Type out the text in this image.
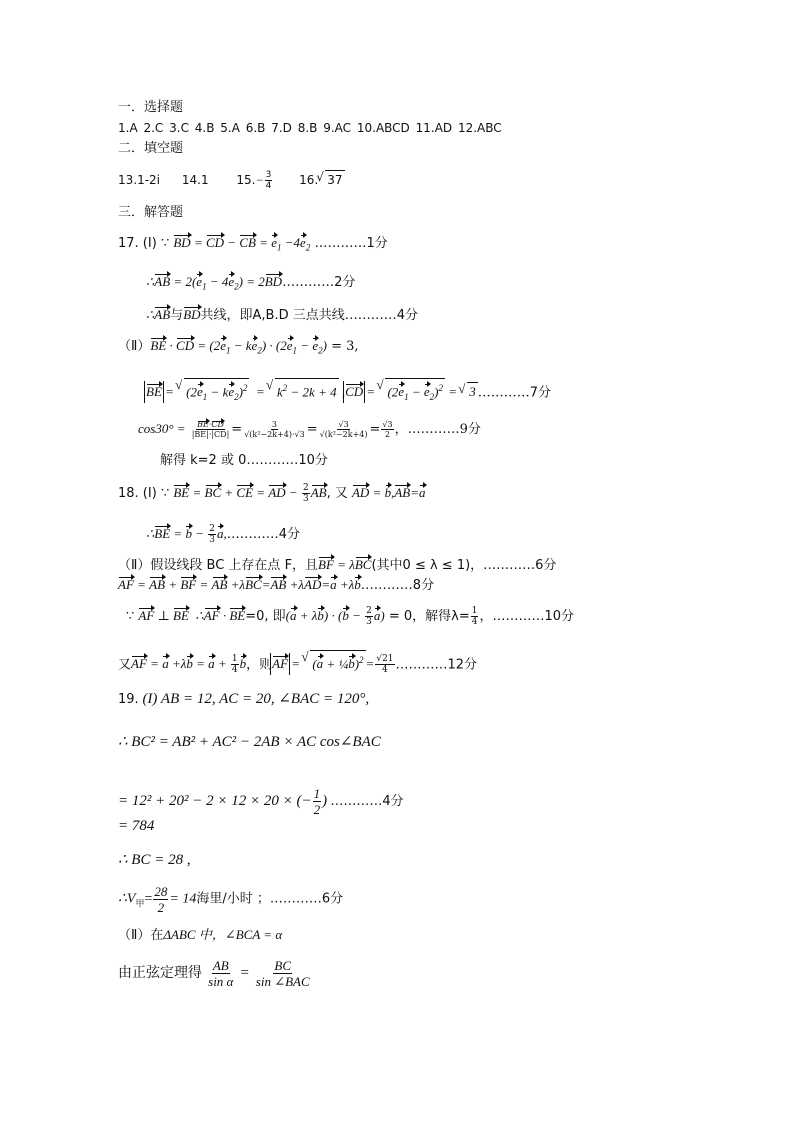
一．选择题
1.A 2.C 3.C 4.B 5.A 6.B 7.D 8.B 9.AC 10.ABCD 11.AD 12.ABC
二．填空题
13.1-2i 14.1 $15.- \frac{3}{4} 16.√$ 37
三．解答题
17. (I) ∵ BD = CD − CB = $e_1 -4e_2$ …………1分
∴AB = $2(e_1 - 4e_2)$ = 2BD…………2分
∴AB与BD共线，即A,B.D 三点共线…………4分
（Ⅱ）BE · CD = $(2e_1 - ke_2) \cdot (2e_1 - e_2) = 3$,
BE = √ $(2e_1 - ke_2)^2$  = √ $k^2 - 2k + 4$ ,CD = √ $(2e_1 - e_2)^2$ = √ 3 …………7分
$\cos 30^\circ = \frac{BE\cdot CD}{|BE|\cdot|CD|} = \frac{3}{\text{√(k²−2k+4)·√3}} = \frac{√3}{\text{√(k²−2k+4)}} = \frac{√3}{2}$ ，…………9分
解得 k=2 或 0…………10分
18. (I) ∵ BE = BC + CE = AD − $\frac{2}{3}$ AB, 又 AD = b,AB=a
∴BE = $b - \frac{2}{3}$ a,…………4分
（Ⅱ）假设线段 BC 上存在点 F，且BF = λBC(其中0 ≤ λ ≤ 1)，…………6分
AF = AB + BF = AB +λBC=AB +λAD=a +λb…………8分
∵ AF ⊥ BE  ∴AF · BE=0, 即$(a + \lambda b) \cdot (b - \frac{2}{3} a) = 0$，解得$\lambda= \frac{1}{4}$ ，…………10分
又AF = $a +\lambda b = a + \frac{1}{4}$ b，则AF = √ (a + ¼b)$^2$ = $\frac{√21}{4}$ …………12分
19. (I) AB = 12, AC = 20, ∠BAC = 120°,
∴ BC² = AB² + AC² − 2AB × AC cos∠BAC
= 12² + 20² − 2 × 12 × 20 × (− $\frac{1}{2}$ ) …………4分
= 784
∴ BC = 28 ,
$\therefore V_甲= \frac{28}{2} = 14$海里/小时 ；…………6分
（Ⅱ）在ΔABC 中，∠BCA = α
由正弦定理得 $\frac{AB}{\text{sin α}} = \frac{BC}{\text{sin ∠BAC}}$
